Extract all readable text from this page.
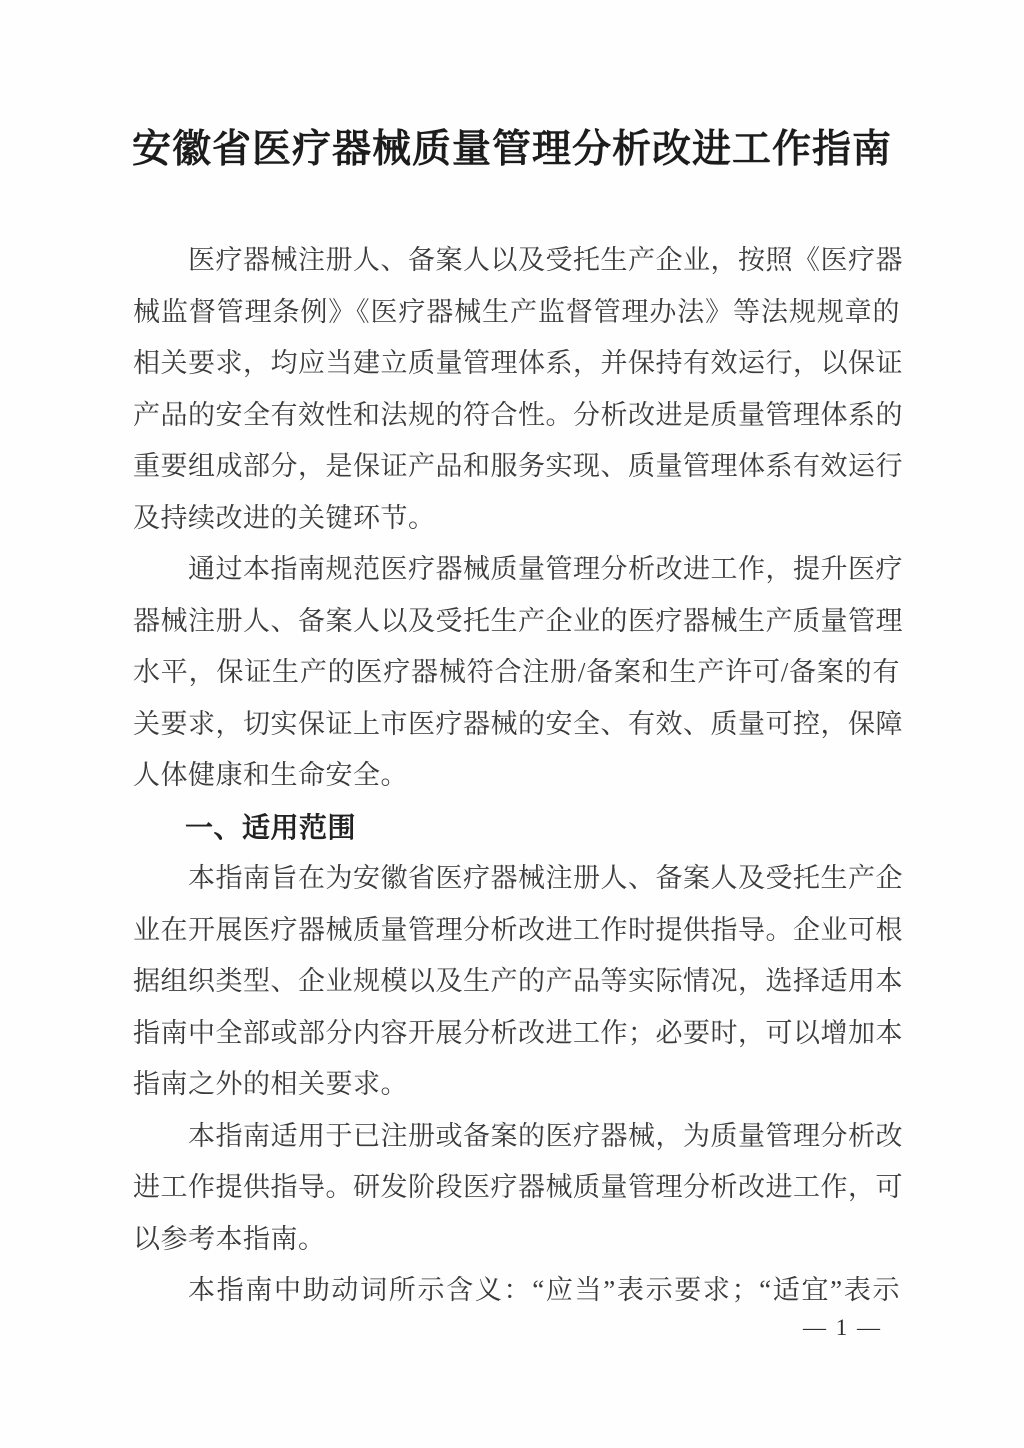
安徽省医疗器械质量管理分析改进工作指南
医疗器械注册人、备案人以及受托生产企业，按照《医疗器
械监督管理条例》《医疗器械生产监督管理办法》等法规规章的
相关要求，均应当建立质量管理体系，并保持有效运行，以保证
产品的安全有效性和法规的符合性。分析改进是质量管理体系的
重要组成部分，是保证产品和服务实现、质量管理体系有效运行
及持续改进的关键环节。
通过本指南规范医疗器械质量管理分析改进工作，提升医疗
器械注册人、备案人以及受托生产企业的医疗器械生产质量管理
水平，保证生产的医疗器械符合注册/备案和生产许可/备案的有
关要求，切实保证上市医疗器械的安全、有效、质量可控，保障
人体健康和生命安全。
一、适用范围
本指南旨在为安徽省医疗器械注册人、备案人及受托生产企
业在开展医疗器械质量管理分析改进工作时提供指导。企业可根
据组织类型、企业规模以及生产的产品等实际情况，选择适用本
指南中全部或部分内容开展分析改进工作；必要时，可以增加本
指南之外的相关要求。
本指南适用于已注册或备案的医疗器械，为质量管理分析改
进工作提供指导。研发阶段医疗器械质量管理分析改进工作，可
以参考本指南。
本指南中助动词所示含义：“应当”表示要求；“适宜”表示
— 1 —
